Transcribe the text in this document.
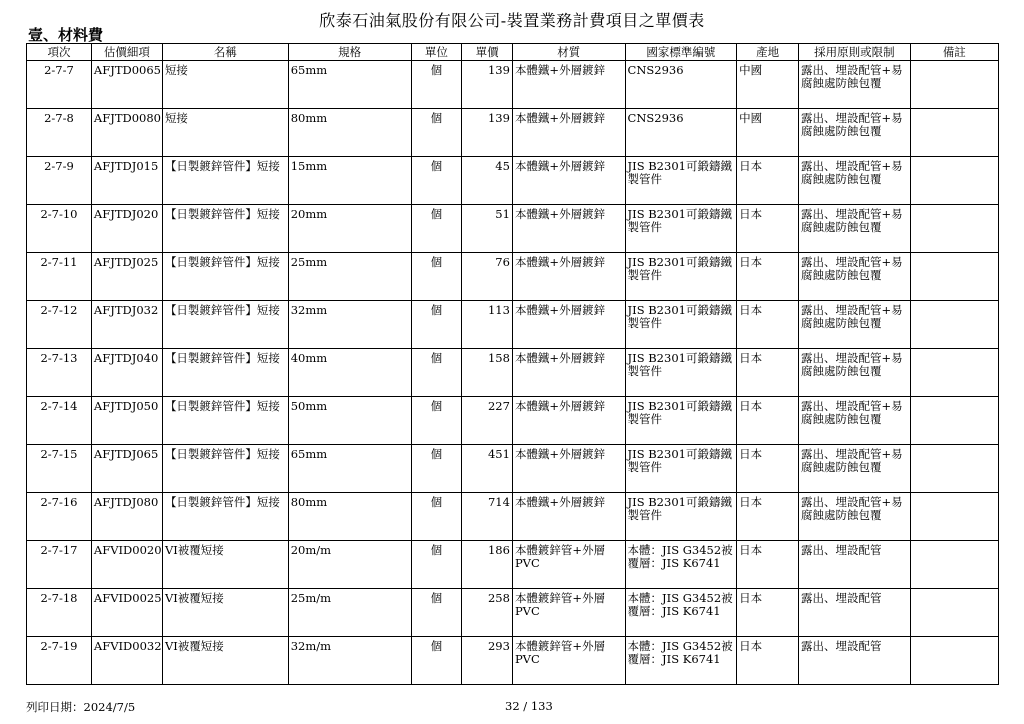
欣泰石油氣股份有限公司-裝置業務計費項目之單價表
壹、材料費
項次	估價細項	名稱	規格	單位	單價	材質	國家標準編號	產地	採用原則或限制	備註
2-7-7	AFJTD0065	短接	65mm	個	139	本體鐵+外層鍍鋅	CNS2936	中國	露出、埋設配管+易腐蝕處防蝕包覆	
2-7-8	AFJTD0080	短接	80mm	個	139	本體鐵+外層鍍鋅	CNS2936	中國	露出、埋設配管+易腐蝕處防蝕包覆	
2-7-9	AFJTDJ015	【日製鍍鋅管件】短接	15mm	個	45	本體鐵+外層鍍鋅	JIS B2301可鍛鑄鐵製管件	日本	露出、埋設配管+易腐蝕處防蝕包覆	
2-7-10	AFJTDJ020	【日製鍍鋅管件】短接	20mm	個	51	本體鐵+外層鍍鋅	JIS B2301可鍛鑄鐵製管件	日本	露出、埋設配管+易腐蝕處防蝕包覆	
2-7-11	AFJTDJ025	【日製鍍鋅管件】短接	25mm	個	76	本體鐵+外層鍍鋅	JIS B2301可鍛鑄鐵製管件	日本	露出、埋設配管+易腐蝕處防蝕包覆	
2-7-12	AFJTDJ032	【日製鍍鋅管件】短接	32mm	個	113	本體鐵+外層鍍鋅	JIS B2301可鍛鑄鐵製管件	日本	露出、埋設配管+易腐蝕處防蝕包覆	
2-7-13	AFJTDJ040	【日製鍍鋅管件】短接	40mm	個	158	本體鐵+外層鍍鋅	JIS B2301可鍛鑄鐵製管件	日本	露出、埋設配管+易腐蝕處防蝕包覆	
2-7-14	AFJTDJ050	【日製鍍鋅管件】短接	50mm	個	227	本體鐵+外層鍍鋅	JIS B2301可鍛鑄鐵製管件	日本	露出、埋設配管+易腐蝕處防蝕包覆	
2-7-15	AFJTDJ065	【日製鍍鋅管件】短接	65mm	個	451	本體鐵+外層鍍鋅	JIS B2301可鍛鑄鐵製管件	日本	露出、埋設配管+易腐蝕處防蝕包覆	
2-7-16	AFJTDJ080	【日製鍍鋅管件】短接	80mm	個	714	本體鐵+外層鍍鋅	JIS B2301可鍛鑄鐵製管件	日本	露出、埋設配管+易腐蝕處防蝕包覆	
2-7-17	AFVID0020	VI被覆短接	20m/m	個	186	本體鍍鋅管+外層PVC	本體：JIS G3452被覆層：JIS K6741	日本	露出、埋設配管	
2-7-18	AFVID0025	VI被覆短接	25m/m	個	258	本體鍍鋅管+外層PVC	本體：JIS G3452被覆層：JIS K6741	日本	露出、埋設配管	
2-7-19	AFVID0032	VI被覆短接	32m/m	個	293	本體鍍鋅管+外層PVC	本體：JIS G3452被覆層：JIS K6741	日本	露出、埋設配管	
列印日期：2024/7/5	32 / 133
